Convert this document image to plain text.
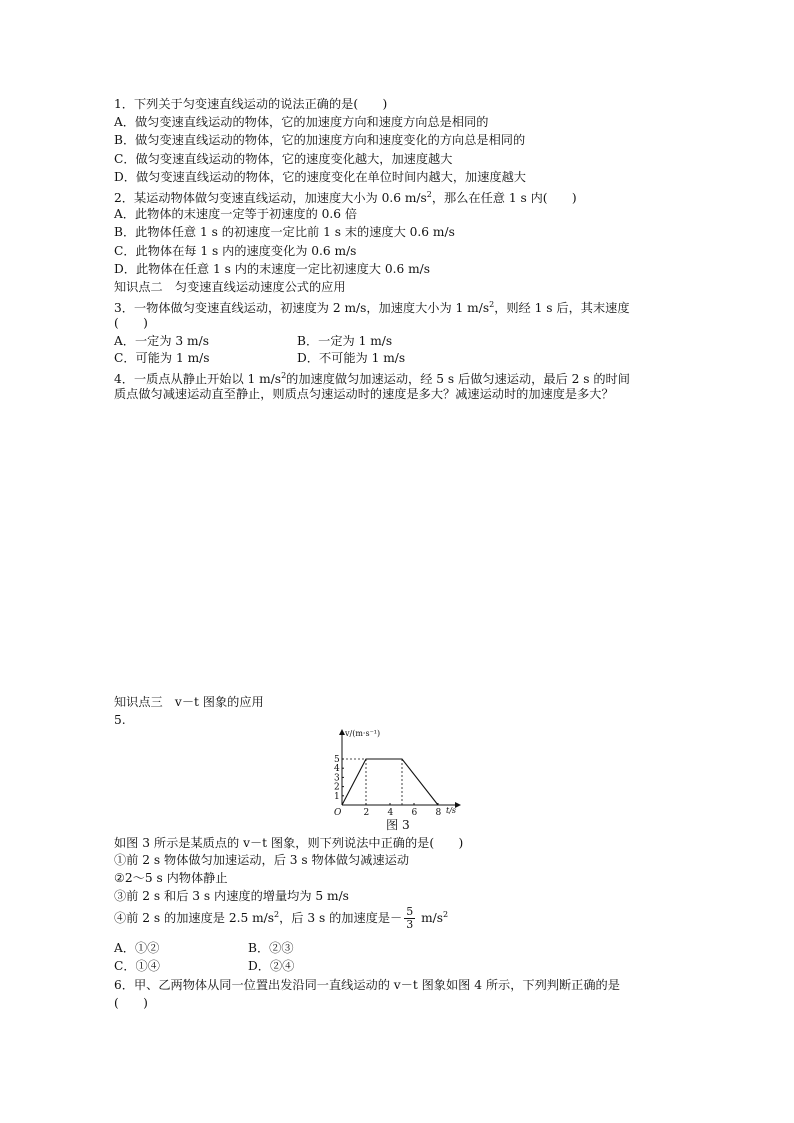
1．下列关于匀变速直线运动的说法正确的是(　　)
A．做匀变速直线运动的物体，它的加速度方向和速度方向总是相同的
B．做匀变速直线运动的物体，它的加速度方向和速度变化的方向总是相同的
C．做匀变速直线运动的物体，它的速度变化越大，加速度越大
D．做匀变速直线运动的物体，它的速度变化在单位时间内越大，加速度越大
2．某运动物体做匀变速直线运动，加速度大小为 0.6 $m/s^2$，那么在任意 1 s 内(　　)
A．此物体的末速度一定等于初速度的 0.6 倍
B．此物体任意 1 s 的初速度一定比前 1 s 末的速度大 0.6 m/s
C．此物体在每 1 s 内的速度变化为 0.6 m/s
D．此物体在任意 1 s 内的末速度一定比初速度大 0.6 m/s
知识点二　匀变速直线运动速度公式的应用
3．一物体做匀变速直线运动，初速度为 2 m/s，加速度大小为 1 $m/s^2$，则经 1 s 后，其末速度
(　　)
A．一定为 3 m/s	B．一定为 1 m/s
C．可能为 1 m/s	D．不可能为 1 m/s
4．一质点从静止开始以 1 $m/s^2$的加速度做匀加速运动，经 5 s 后做匀速运动，最后 2 s 的时间
质点做匀减速运动直至静止，则质点匀速运动时的速度是多大？减速运动时的加速度是多大？
知识点三　v－t 图象的应用
5.
v/(m·s⁻¹)
t/s
O 2 4 6 8
1
2
3
4
5
图 3
如图 3 所示是某质点的 v－t 图象，则下列说法中正确的是(　　)
①前 2 s 物体做匀加速运动，后 3 s 物体做匀减速运动
②2～5 s 内物体静止
③前 2 s 和后 3 s 内速度的增量均为 5 m/s
④前 2 s 的加速度是 2.5 $m/s^2$，后 3 s 的加速度是－ $\frac{5}{3} m/s^2$
A．①②	B．②③
C．①④	D．②④
6．甲、乙两物体从同一位置出发沿同一直线运动的 v－t 图象如图 4 所示，下列判断正确的是
(　　)
